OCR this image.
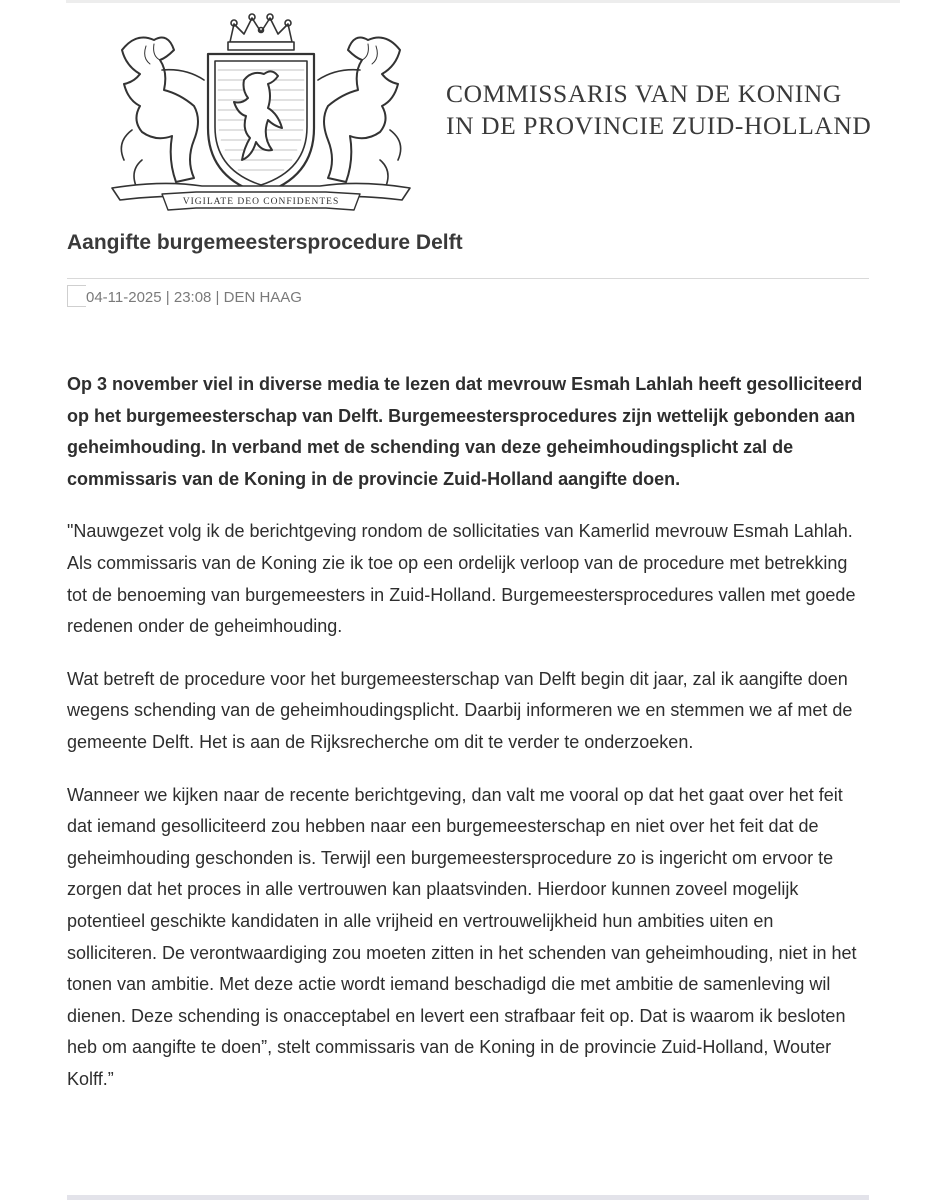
VIGILATE DEO CONFIDENTES
COMMISSARIS VAN DE KONING
IN DE PROVINCIE ZUID-HOLLAND
Aangifte burgemeestersprocedure Delft
04-11-2025 | 23:08 | DEN HAAG

Op 3 november viel in diverse media te lezen dat mevrouw Esmah Lahlah heeft gesolliciteerd op het burgemeesterschap van Delft. Burgemeestersprocedures zijn wettelijk gebonden aan geheimhouding. In verband met de schending van deze geheimhoudingsplicht zal de commissaris van de Koning in de provincie Zuid-Holland aangifte doen.

"Nauwgezet volg ik de berichtgeving rondom de sollicitaties van Kamerlid mevrouw Esmah Lahlah. Als commissaris van de Koning zie ik toe op een ordelijk verloop van de procedure met betrekking tot de benoeming van burgemeesters in Zuid-Holland. Burgemeestersprocedures vallen met goede redenen onder de geheimhouding.

Wat betreft de procedure voor het burgemeesterschap van Delft begin dit jaar, zal ik aangifte doen wegens schending van de geheimhoudingsplicht. Daarbij informeren we en stemmen we af met de gemeente Delft. Het is aan de Rijksrecherche om dit te verder te onderzoeken.

Wanneer we kijken naar de recente berichtgeving, dan valt me vooral op dat het gaat over het feit dat iemand gesolliciteerd zou hebben naar een burgemeesterschap en niet over het feit dat de geheimhouding geschonden is. Terwijl een burgemeestersprocedure zo is ingericht om ervoor te zorgen dat het proces in alle vertrouwen kan plaatsvinden. Hierdoor kunnen zoveel mogelijk potentieel geschikte kandidaten in alle vrijheid en vertrouwelijkheid hun ambities uiten en solliciteren. De verontwaardiging zou moeten zitten in het schenden van geheimhouding, niet in het tonen van ambitie. Met deze actie wordt iemand beschadigd die met ambitie de samenleving wil dienen. Deze schending is onacceptabel en levert een strafbaar feit op. Dat is waarom ik besloten heb om aangifte te doen”, stelt commissaris van de Koning in de provincie Zuid-Holland, Wouter Kolff.”
